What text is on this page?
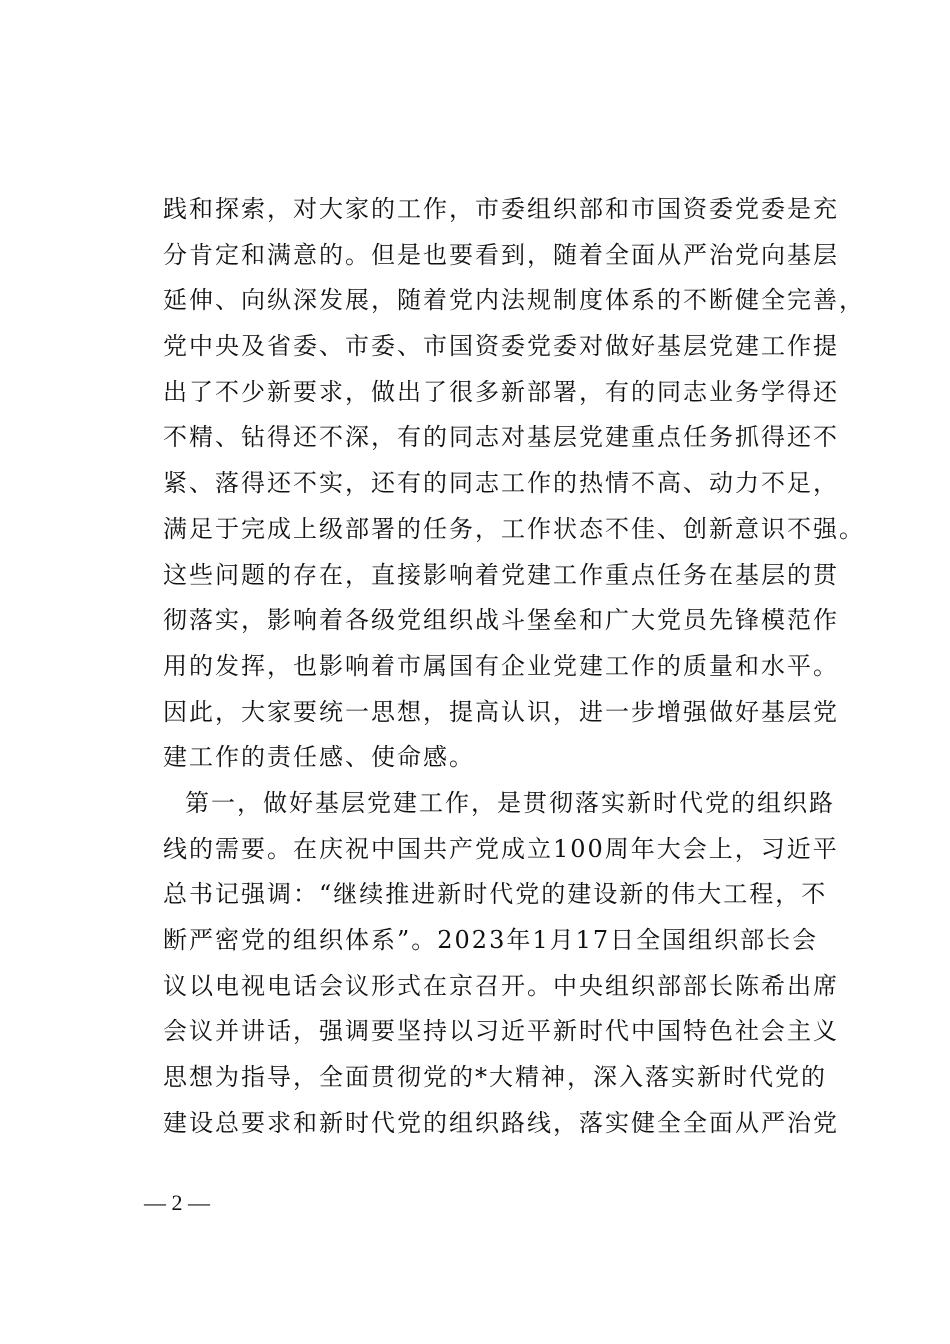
践和探索，对大家的工作，市委组织部和市国资委党委是充
分肯定和满意的。但是也要看到，随着全面从严治党向基层
延伸、向纵深发展，随着党内法规制度体系的不断健全完善，
党中央及省委、市委、市国资委党委对做好基层党建工作提
出了不少新要求，做出了很多新部署，有的同志业务学得还
不精、钻得还不深，有的同志对基层党建重点任务抓得还不
紧、落得还不实，还有的同志工作的热情不高、动力不足，
满足于完成上级部署的任务，工作状态不佳、创新意识不强。
这些问题的存在，直接影响着党建工作重点任务在基层的贯
彻落实，影响着各级党组织战斗堡垒和广大党员先锋模范作
用的发挥，也影响着市属国有企业党建工作的质量和水平。
因此，大家要统一思想，提高认识，进一步增强做好基层党
建工作的责任感、使命感。
第一，做好基层党建工作，是贯彻落实新时代党的组织路
线的需要。在庆祝中国共产党成立100周年大会上，习近平
总书记强调：“继续推进新时代党的建设新的伟大工程，不
断严密党的组织体系”。2023年1月17日全国组织部长会
议以电视电话会议形式在京召开。中央组织部部长陈希出席
会议并讲话，强调要坚持以习近平新时代中国特色社会主义
思想为指导，全面贯彻党的*大精神，深入落实新时代党的
建设总要求和新时代党的组织路线，落实健全全面从严治党
— 2 —
